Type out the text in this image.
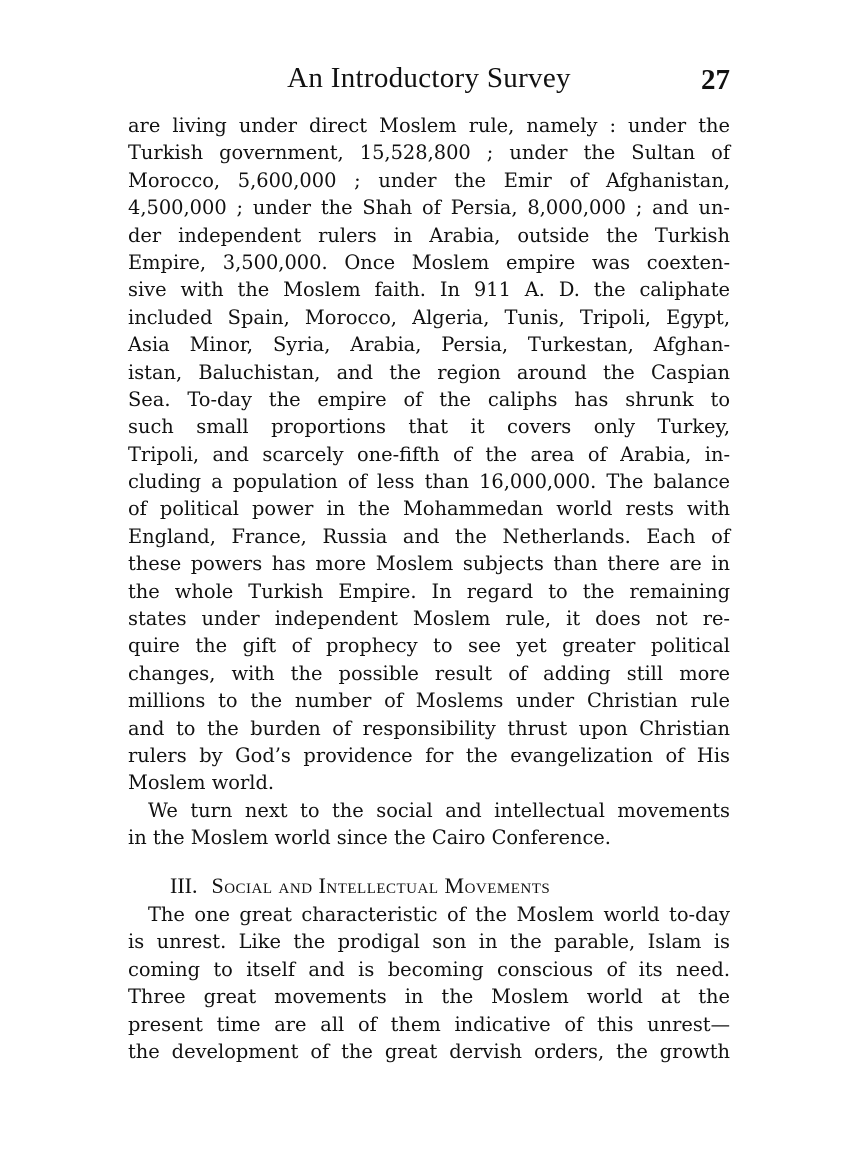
An Introductory Survey	27
are living under direct Moslem rule, namely : under the
Turkish government, 15,528,800 ; under the Sultan of
Morocco, 5,600,000 ; under the Emir of Afghanistan,
4,500,000 ; under the Shah of Persia, 8,000,000 ; and un-
der independent rulers in Arabia, outside the Turkish
Empire, 3,500,000. Once Moslem empire was coexten-
sive with the Moslem faith. In 911 A. D. the caliphate
included Spain, Morocco, Algeria, Tunis, Tripoli, Egypt,
Asia Minor, Syria, Arabia, Persia, Turkestan, Afghan-
istan, Baluchistan, and the region around the Caspian
Sea. To-day the empire of the caliphs has shrunk to
such small proportions that it covers only Turkey,
Tripoli, and scarcely one-fifth of the area of Arabia, in-
cluding a population of less than 16,000,000. The balance
of political power in the Mohammedan world rests with
England, France, Russia and the Netherlands. Each of
these powers has more Moslem subjects than there are in
the whole Turkish Empire. In regard to the remaining
states under independent Moslem rule, it does not re-
quire the gift of prophecy to see yet greater political
changes, with the possible result of adding still more
millions to the number of Moslems under Christian rule
and to the burden of responsibility thrust upon Christian
rulers by God’s providence for the evangelization of His
Moslem world.
We turn next to the social and intellectual movements
in the Moslem world since the Cairo Conference.
III. Social and Intellectual Movements
The one great characteristic of the Moslem world to-day
is unrest. Like the prodigal son in the parable, Islam is
coming to itself and is becoming conscious of its need.
Three great movements in the Moslem world at the
present time are all of them indicative of this unrest—
the development of the great dervish orders, the growth
